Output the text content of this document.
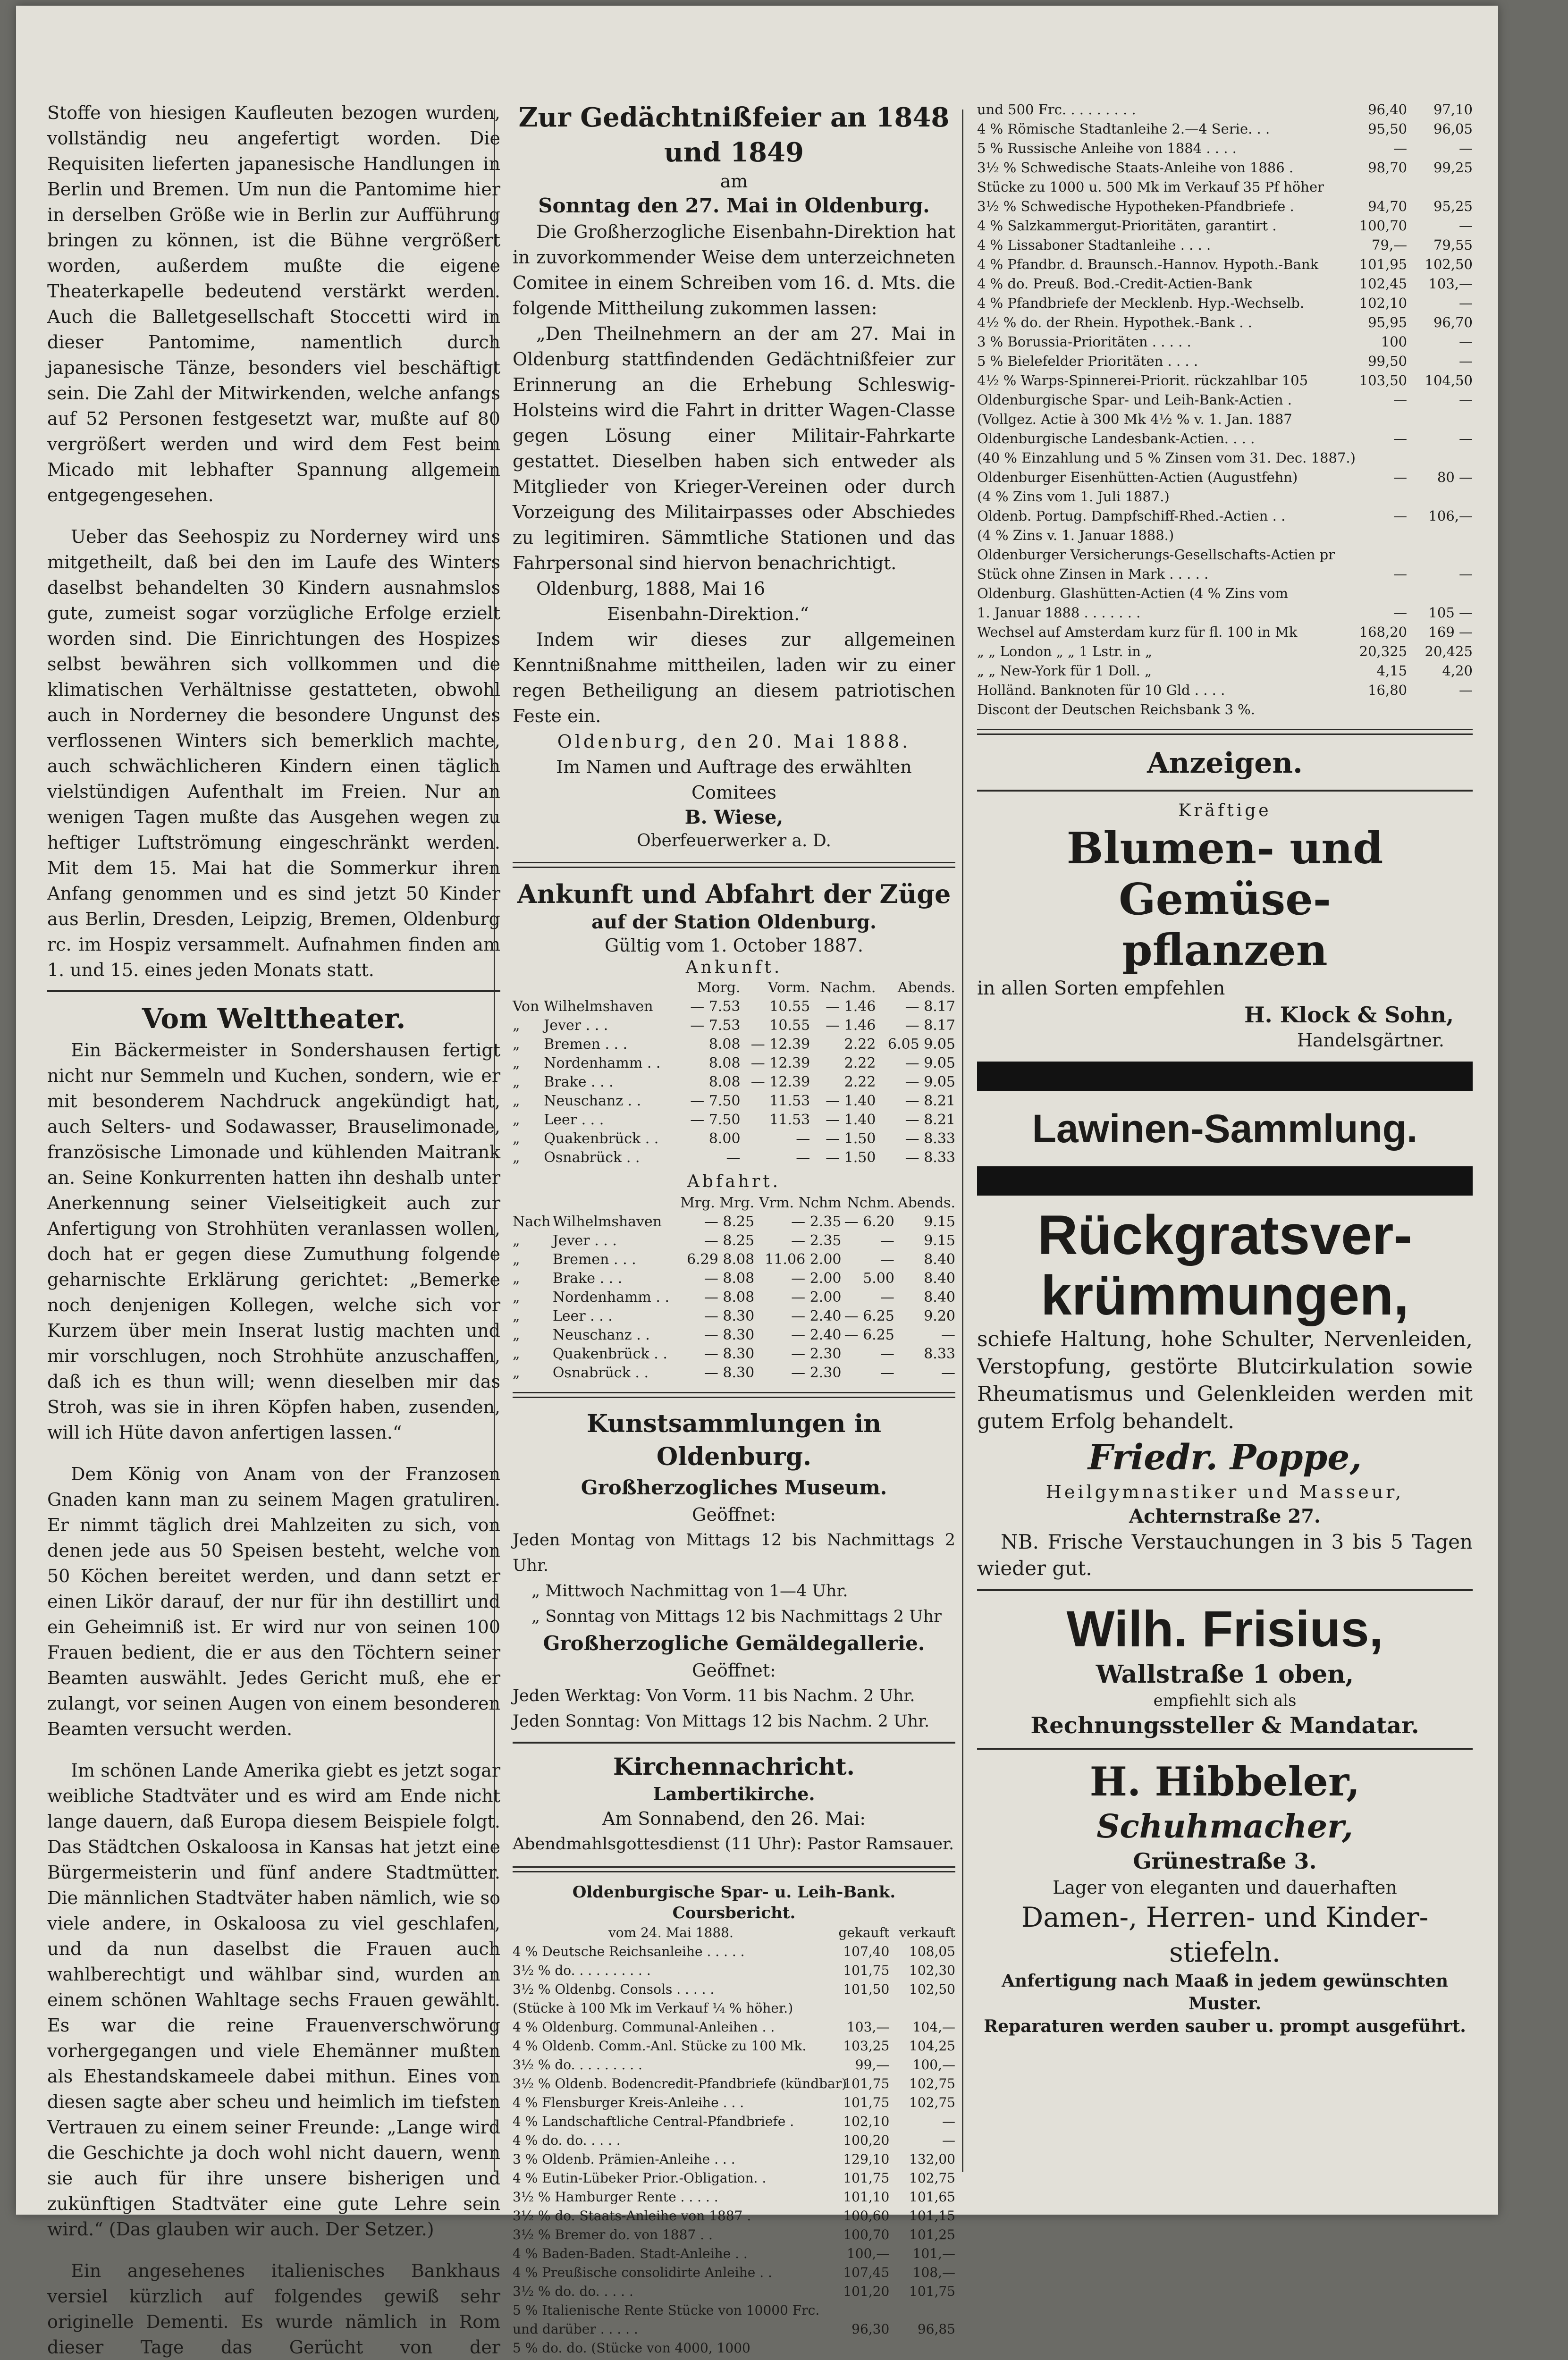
Stoffe von hiesigen Kaufleuten bezogen wurden, vollständig neu angefertigt worden. Die Requisiten lieferten japanesische Handlungen in Berlin und Bremen. Um nun die Pantomime hier in derselben Größe wie in Berlin zur Aufführung bringen zu können, ist die Bühne vergrößert worden, außerdem mußte die eigene Theaterkapelle bedeutend verstärkt werden. Auch die Balletgesellschaft Stoccetti wird in dieser Pantomime, namentlich durch japanesische Tänze, besonders viel beschäftigt sein. Die Zahl der Mitwirkenden, welche anfangs auf 52 Personen festgesetzt war, mußte auf 80 vergrößert werden und wird dem Fest beim Micado mit lebhafter Spannung allgemein entgegengesehen.

Ueber das Seehospiz zu Norderney wird uns mitgetheilt, daß bei den im Laufe des Winters daselbst behandelten 30 Kindern ausnahmslos gute, zumeist sogar vorzügliche Erfolge erzielt worden sind. Die Einrichtungen des Hospizes selbst bewähren sich vollkommen und die klimatischen Verhältnisse gestatteten, obwohl auch in Norderney die besondere Ungunst des verflossenen Winters sich bemerklich machte, auch schwächlicheren Kindern einen täglich vielstündigen Aufenthalt im Freien. Nur an wenigen Tagen mußte das Ausgehen wegen zu heftiger Luftströmung eingeschränkt werden. Mit dem 15. Mai hat die Sommerkur ihren Anfang genommen und es sind jetzt 50 Kinder aus Berlin, Dresden, Leipzig, Bremen, Oldenburg rc. im Hospiz versammelt. Aufnahmen finden am 1. und 15. eines jeden Monats statt.

Vom Welttheater.

Ein Bäckermeister in Sondershausen fertigt nicht nur Semmeln und Kuchen, sondern, wie er mit besonderem Nachdruck angekündigt hat, auch Selters- und Sodawasser, Brauselimonade, französische Limonade und kühlenden Maitrank an. Seine Konkurrenten hatten ihn deshalb unter Anerkennung seiner Vielseitigkeit auch zur Anfertigung von Strohhüten veranlassen wollen, doch hat er gegen diese Zumuthung folgende geharnischte Erklärung gerichtet: „Bemerke noch denjenigen Kollegen, welche sich vor Kurzem über mein Inserat lustig machten und mir vorschlugen, noch Strohhüte anzuschaffen, daß ich es thun will; wenn dieselben mir das Stroh, was sie in ihren Köpfen haben, zusenden, will ich Hüte davon anfertigen lassen.“

Dem König von Anam von der Franzosen Gnaden kann man zu seinem Magen gratuliren. Er nimmt täglich drei Mahlzeiten zu sich, von denen jede aus 50 Speisen besteht, welche von 50 Köchen bereitet werden, und dann setzt er einen Likör darauf, der nur für ihn destillirt und ein Geheimniß ist. Er wird nur von seinen 100 Frauen bedient, die er aus den Töchtern seiner Beamten auswählt. Jedes Gericht muß, ehe er zulangt, vor seinen Augen von einem besonderen Beamten versucht werden.

Im schönen Lande Amerika giebt es jetzt sogar weibliche Stadtväter und es wird am Ende nicht lange dauern, daß Europa diesem Beispiele folgt. Das Städtchen Oskaloosa in Kansas hat jetzt eine Bürgermeisterin und fünf andere Stadtmütter. Die männlichen Stadtväter haben nämlich, wie so viele andere, in Oskaloosa zu viel geschlafen, und da nun daselbst die Frauen auch wahlberechtigt und wählbar sind, wurden an einem schönen Wahltage sechs Frauen gewählt. Es war die reine Frauenverschwörung vorhergegangen und viele Ehemänner mußten als Ehestandskameele dabei mithun. Eines von diesen sagte aber scheu und heimlich im tiefsten Vertrauen zu einem seiner Freunde: „Lange wird die Geschichte ja doch wohl nicht dauern, wenn sie auch für ihre unsere bisherigen und zukünftigen Stadtväter eine gute Lehre sein wird.“ (Das glauben wir auch. Der Setzer.)

Ein angesehenes italienisches Bankhaus versiel kürzlich auf folgendes gewiß sehr originelle Dementi. Es wurde nämlich in Rom dieser Tage das Gerücht von der

Zur Gedächtnißfeier an 1848 und 1849

am

Sonntag den 27. Mai in Oldenburg.

Die Großherzogliche Eisenbahn-Direktion hat in zuvorkommender Weise dem unterzeichneten Comitee in einem Schreiben vom 16. d. Mts. die folgende Mittheilung zukommen lassen:

„Den Theilnehmern an der am 27. Mai in Oldenburg stattfindenden Gedächtnißfeier zur Erinnerung an die Erhebung Schleswig-Holsteins wird die Fahrt in dritter Wagen-Classe gegen Lösung einer Militair-Fahrkarte gestattet. Dieselben haben sich entweder als Mitglieder von Krieger-Vereinen oder durch Vorzeigung des Militairpasses oder Abschiedes zu legitimiren. Sämmtliche Stationen und das Fahrpersonal sind hiervon benachrichtigt.

Oldenburg, 1888, Mai 16

Eisenbahn-Direktion.“

Indem wir dieses zur allgemeinen Kenntnißnahme mittheilen, laden wir zu einer regen Betheiligung an diesem patriotischen Feste ein.

Oldenburg, den 20. Mai 1888.

Im Namen und Auftrage des erwählten Comitees

B. Wiese,

Oberfeuerwerker a. D.

Ankunft und Abfahrt der Züge

auf der Station Oldenburg.

Gültig vom 1. October 1887.

Ankunft.

		Morg.	Vorm.	Nachm.	Abends.
Von	Wilhelmshaven	— 7.53	10.55	— 1.46	— 8.17
„	Jever . . .	— 7.53	10.55	— 1.46	— 8.17
„	Bremen . . .	8.08	— 12.39	2.22	6.05 9.05
„	Nordenhamm . .	8.08	— 12.39	2.22	— 9.05
„	Brake . . .	8.08	— 12.39	2.22	— 9.05
„	Neuschanz . .	— 7.50	11.53	— 1.40	— 8.21
„	Leer . . .	— 7.50	11.53	— 1.40	— 8.21
„	Quakenbrück . .	8.00	—	— 1.50	— 8.33
„	Osnabrück . .	—	—	— 1.50	— 8.33

Abfahrt.

		Mrg. Mrg.	Vrm. Nchm	Nchm.	Abends.
Nach	Wilhelmshaven	— 8.25	— 2.35	— 6.20	9.15
„	Jever . . .	— 8.25	— 2.35	—	9.15
„	Bremen . . .	6.29 8.08	11.06 2.00	—	8.40
„	Brake . . .	— 8.08	— 2.00	5.00	8.40
„	Nordenhamm . .	— 8.08	— 2.00	—	8.40
„	Leer . . .	— 8.30	— 2.40	— 6.25	9.20
„	Neuschanz . .	— 8.30	— 2.40	— 6.25	—
„	Quakenbrück . .	— 8.30	— 2.30	—	8.33
„	Osnabrück . .	— 8.30	— 2.30	—	—

Kunstsammlungen in Oldenburg.

Großherzogliches Museum.

Geöffnet:

Jeden Montag von Mittags 12 bis Nachmittags 2 Uhr.

„ Mittwoch Nachmittag von 1—4 Uhr.

„ Sonntag von Mittags 12 bis Nachmittags 2 Uhr

Großherzogliche Gemäldegallerie.

Geöffnet:

Jeden Werktag: Von Vorm. 11 bis Nachm. 2 Uhr.

Jeden Sonntag: Von Mittags 12 bis Nachm. 2 Uhr.

Kirchennachricht.

Lambertikirche.

Am Sonnabend, den 26. Mai:

Abendmahlsgottesdienst (11 Uhr): Pastor Ramsauer.

Oldenburgische Spar- u. Leih-Bank. Coursbericht.

vom 24. Mai 1888.	gekauft	verkauft
4 % Deutsche Reichsanleihe . . . . .	107,40	108,05
3½ % do. . . . . . . . . .	101,75	102,30
3½ % Oldenbg. Consols . . . . .	101,50	102,50
(Stücke à 100 Mk im Verkauf ¼ % höher.)		
4 % Oldenburg. Communal-Anleihen . .	103,—	104,—
4 % Oldenb. Comm.-Anl. Stücke zu 100 Mk.	103,25	104,25
3½ % do. . . . . . . . .	99,—	100,—
3½ % Oldenb. Bodencredit-Pfandbriefe (kündbar)	101,75	102,75
4 % Flensburger Kreis-Anleihe . . .	101,75	102,75
4 % Landschaftliche Central-Pfandbriefe .	102,10	—
4 % do. do. . . . .	100,20	—
3 % Oldenb. Prämien-Anleihe . . .	129,10	132,00
4 % Eutin-Lübeker Prior.-Obligation. .	101,75	102,75
3½ % Hamburger Rente . . . . .	101,10	101,65
3½ % do. Staats-Anleihe von 1887 .	100,60	101,15
3½ % Bremer do. von 1887 . .	100,70	101,25
4 % Baden-Baden. Stadt-Anleihe . .	100,—	101,—
4 % Preußische consolidirte Anleihe . .	107,45	108,—
3½ % do. do. . . . .	101,20	101,75
5 % Italienische Rente Stücke von 10000 Frc. und darüber . . . . .	96,30	96,85
5 % do. do. (Stücke von 4000, 1000		
und 500 Frc. . . . . . . . .	96,40	97,10
4 % Römische Stadtanleihe 2.—4 Serie. . .	95,50	96,05
5 % Russische Anleihe von 1884 . . . .	—	—
3½ % Schwedische Staats-Anleihe von 1886 .	98,70	99,25
Stücke zu 1000 u. 500 Mk im Verkauf 35 Pf höher		
3½ % Schwedische Hypotheken-Pfandbriefe .	94,70	95,25
4 % Salzkammergut-Prioritäten, garantirt .	100,70	—
4 % Lissaboner Stadtanleihe . . . .	79,—	79,55
4 % Pfandbr. d. Braunsch.-Hannov. Hypoth.-Bank	101,95	102,50
4 % do. Preuß. Bod.-Credit-Actien-Bank	102,45	103,—
4 % Pfandbriefe der Mecklenb. Hyp.-Wechselb.	102,10	—
4½ % do. der Rhein. Hypothek.-Bank . .	95,95	96,70
3 % Borussia-Prioritäten . . . . .	100	—
5 % Bielefelder Prioritäten . . . .	99,50	—
4½ % Warps-Spinnerei-Priorit. rückzahlbar 105	103,50	104,50
Oldenburgische Spar- und Leih-Bank-Actien .	—	—
(Vollgez. Actie à 300 Mk 4½ % v. 1. Jan. 1887		
Oldenburgische Landesbank-Actien. . . .	—	—
(40 % Einzahlung und 5 % Zinsen vom 31. Dec. 1887.)		
Oldenburger Eisenhütten-Actien (Augustfehn)	—	80 —
(4 % Zins vom 1. Juli 1887.)		
Oldenb. Portug. Dampfschiff-Rhed.-Actien . .	—	106,—
(4 % Zins v. 1. Januar 1888.)		
Oldenburger Versicherungs-Gesellschafts-Actien pr		
Stück ohne Zinsen in Mark . . . . .	—	—
Oldenburg. Glashütten-Actien (4 % Zins vom		
1. Januar 1888 . . . . . . .	—	105 —
Wechsel auf Amsterdam kurz für fl. 100 in Mk	168,20	169 —
„ „ London „ „ 1 Lstr. in „	20,325	20,425
„ „ New-York für 1 Doll. „	4,15	4,20
Holländ. Banknoten für 10 Gld . . . .	16,80	—
Discont der Deutschen Reichsbank 3 %.		

Anzeigen.

Kräftige

Blumen- und Gemüse-

pflanzen

in allen Sorten empfehlen

H. Klock & Sohn,

Handelsgärtner.

Lawinen-Sammlung.

Rückgratsver-

krümmungen,

schiefe Haltung, hohe Schulter, Nervenleiden, Verstopfung, gestörte Blutcirkulation sowie Rheumatismus und Gelenkleiden werden mit gutem Erfolg behandelt.

Friedr. Poppe,

Heilgymnastiker und Masseur,

Achternstraße 27.

NB. Frische Verstauchungen in 3 bis 5 Tagen wieder gut.

Wilh. Frisius,

Wallstraße 1 oben,

empfiehlt sich als

Rechnungssteller & Mandatar.

H. Hibbeler,

Schuhmacher,

Grünestraße 3.

Lager von eleganten und dauerhaften

Damen-, Herren- und Kinder-

stiefeln.

Anfertigung nach Maaß in jedem gewünschten Muster.

Reparaturen werden sauber u. prompt ausgeführt.
